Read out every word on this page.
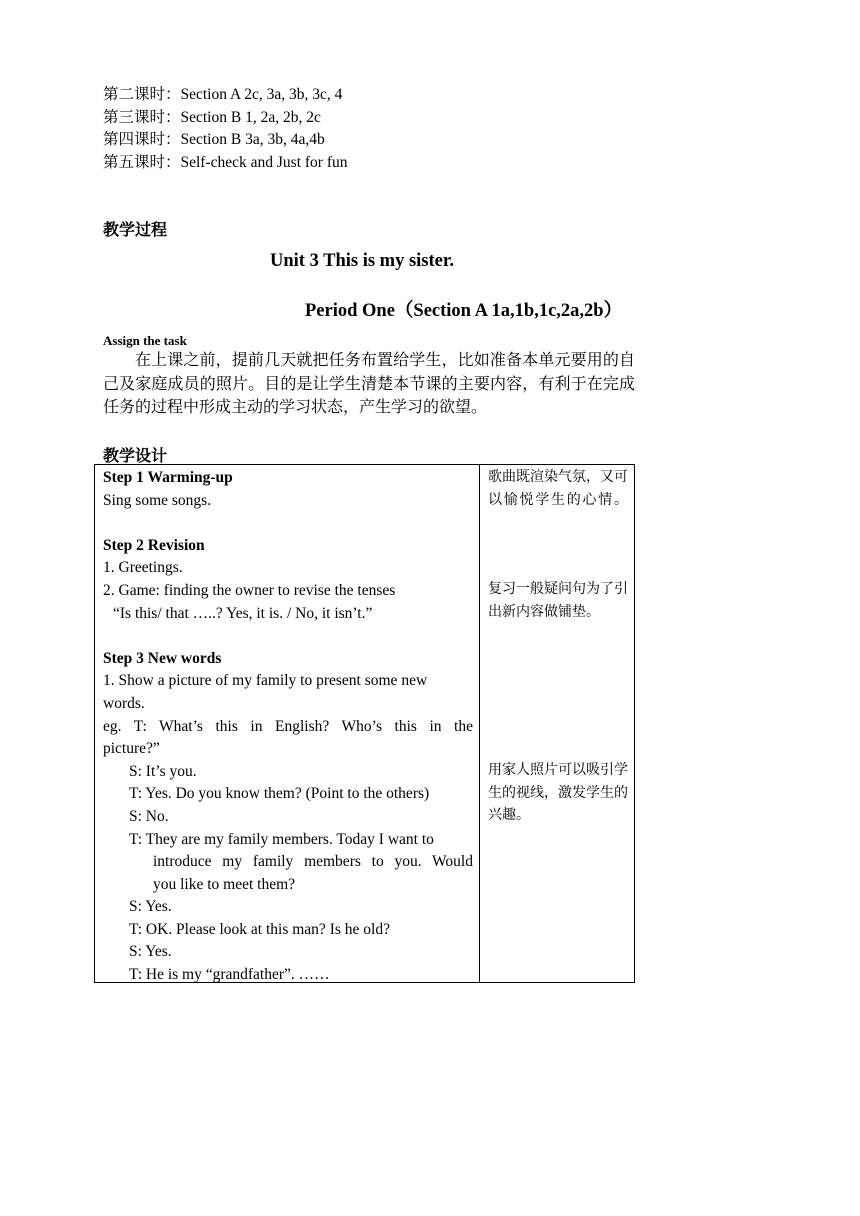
第二课时：Section A 2c, 3a, 3b, 3c, 4
第三课时：Section B 1, 2a, 2b, 2c
第四课时：Section B 3a, 3b, 4a,4b
第五课时：Self-check and Just for fun
教学过程
Unit 3 This is my sister.
Period One（Section A 1a,1b,1c,2a,2b）
Assign the task
在上课之前，提前几天就把任务布置给学生，比如准备本单元要用的自己及家庭成员的照片。目的是让学生清楚本节课的主要内容，有利于在完成任务的过程中形成主动的学习状态，产生学习的欲望。
教学设计
Step 1 Warming-up
Sing some songs.
Step 2 Revision
1. Greetings.
2. Game: finding the owner to revise the tenses
“Is this/ that …..? Yes, it is. / No, it isn’t.”
Step 3 New words
1. Show a picture of my family to present some new
words.
eg. T: What’s this in English? Who’s this in the
picture?”
S: It’s you.
T: Yes. Do you know them? (Point to the others)
S: No.
T: They are my family members. Today I want to
introduce my family members to you. Would
you like to meet them?
S: Yes.
T: OK. Please look at this man? Is he old?
S: Yes.
T: He is my “grandfather”. ……
歌曲既渲染气氛，又可以愉悦学生的心情。
复习一般疑问句为了引出新内容做铺垫。
用家人照片可以吸引学生的视线，激发学生的兴趣。
